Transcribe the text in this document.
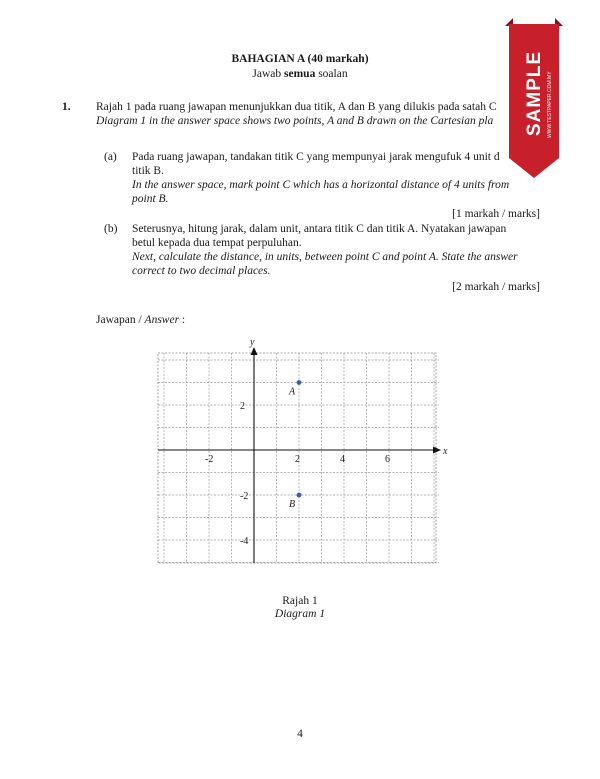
BAHAGIAN A (40 markah)
Jawab semua soalan
1. Rajah 1 pada ruang jawapan menunjukkan dua titik, A dan B yang dilukis pada satah C
Diagram 1 in the answer space shows two points, A and B drawn on the Cartesian pla
(a) Pada ruang jawapan, tandakan titik C yang mempunyai jarak mengufuk 4 unit d
titik B.
In the answer space, mark point C which has a horizontal distance of 4 units from
point B.
[1 markah / marks]
(b) Seterusnya, hitung jarak, dalam unit, antara titik C dan titik A. Nyatakan jawapan
betul kepada dua tempat perpuluhan.
Next, calculate the distance, in units, between point C and point A. State the answer
correct to two decimal places.
[2 markah / marks]
Jawapan / Answer :
x
y
-2	2	4	6
2
-2
-4
A
B
Rajah 1
Diagram 1
4
SAMPLE WWW.TESTPAPER.COM.MY
